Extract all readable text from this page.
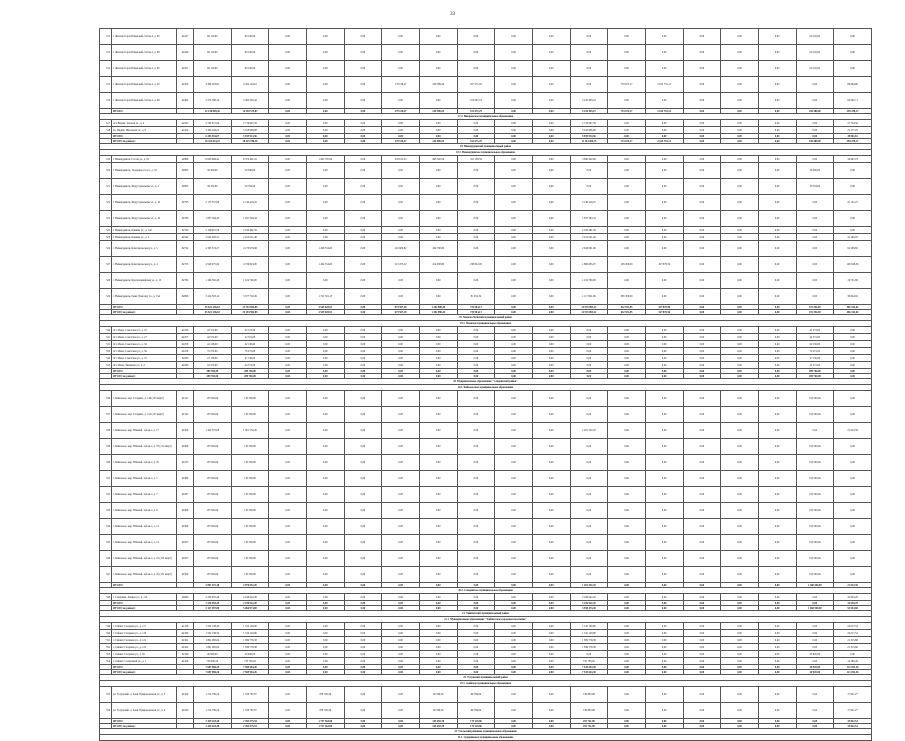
33
512	г. Железногорск-Илимский, 3-й кв-л, д. 80	42447	60 120,00	60 120,00	0,00	0,00	0,00	0,00	0,00	0,00	0,00	0,00	0,00	0,00	0,00	0,00	0,00	0,00	60 120,00	0,00
513	г. Железногорск-Илимский, 3-й кв-л, д. 88	42449	60 120,00	60 120,00	0,00	0,00	0,00	0,00	0,00	0,00	0,00	0,00	0,00	0,00	0,00	0,00	0,00	0,00	60 120,00	0,00
514	г. Железногорск-Илимский, 3-й кв-л, д. 90	42451	60 120,00	60 120,00	0,00	0,00	0,00	0,00	0,00	0,00	0,00	0,00	0,00	0,00	0,00	0,00	0,00	0,00	60 120,00	0,00
515	г. Железногорск-Илимский, 3-й кв-л, д. 10	42456	4 394 018,81	4 324 124,61	0,00	0,00	0,00	178 156,47	230 589,29	257 571,05	0,00	0,00	0,00	733 675,17	2 615 752,12	0,00	0,00	0,00	0,00	69 894,90
516	г. Железногорск-Илимский, 3-й кв-л, д. 46	42462	5 574 598,14	5 492 595,44	0,00	0,00	0,00	0,00	0,00	274 097,24	0,00	0,00	5 218 493,19	0,00	0,00	0,00	0,00	0,00	0,00	82 002,71
	ИТОГО:		12 138 809,36	12 250 575,87	0,00	0,00	0,00	179 156,47	230 589,29	531 671,29	0,00	0,00	5 218 493,19	733 675,17	2 615 752,12	0,00	0,00	0,00	240 480,00	399 238,17
17.2. Вихоревское муниципальное образование																				
517	пгт. Видим, Зеленая ул., д. 4	42425	2 744 671,84	2 716 947,58	0,00	0,00	0,00	0,00	0,00	0,00	0,00	0,00	2 716 947,58	0,00	0,00	0,00	0,00	0,00	0,00	27 724,56
518	рп. Видим, Школьная ул., д. 9	42424	3 459 244,23	3 418 966,98	0,00	0,00	0,00	0,00	0,00	0,00	0,00	0,00	3 418 966,98	0,00	0,00	0,00	0,00	0,00	0,00	21 277,25
	ИТОГО:		6 203 916,07	5 935 914,56	0,00	0,00	0,00	0,00	0,00	0,00	0,00	0,00	5 935 914,56	0,00	0,00	0,00	0,00	0,00	0,00	49 001,81
	ИТОГО по району:		18 441 824,25	18 225 786,39	0,00	0,00	0,00	179 156,47	230 589,29	531 671,29	0,00	0,00	11 154 406,75	733 675,17	2 615 752,12	0,00	0,00	0,00	240 480,00	399 238,17
18. Нижнеудинский муниципальный район																				
18.1. Нижнеудинское муниципальное образование																				
519	г. Нижнеудинск, Гоголя ул., д. 81	42806	6 623 969,42	6 374 461,22	0,00	1 403 787,00	0,00	343 615,23	493 502,56	313 138,59	0,00	0,00	3 840 622,98	0,00	0,00	0,00	0,00	0,00	0,00	34 967,23
520	г. Нижнеудинск, Заозерная 2-я ул., д. 32	42805	39 590,00	39 590,00	0,00	0,00	0,00	0,00	0,00	0,00	0,00	0,00	0,00	0,00	0,00	0,00	0,00	0,00	39 590,00	0,00
521	г. Нижнеудинск, Индустриальная ул., д. 2	42805	39 704,00	39 704,00	0,00	0,00	0,00	0,00	0,00	0,00	0,00	0,00	0,00	0,00	0,00	0,00	0,00	0,00	39 704,00	0,00
522	г. Нижнеудинск, Индустриальная ул., д. 10	42793	2 175 557,80	2 149 416,25	0,00	0,00	0,00	0,00	0,00	0,00	0,00	0,00	2 149 416,25	0,00	0,00	0,00	0,00	0,00	0,00	21 131,25
523	г. Нижнеудинск, Индустриальная ул., д. 32	42786	1 837 594,34	1 837 594,34	0,00	0,00	0,00	0,00	0,00	0,00	0,00	0,00	1 837 594,34	0,00	0,00	0,00	0,00	0,00	0,00	0,00
524	г. Нижнеудинск, Кашика ул., д. 142	42792	2 109 461,59	2 109 461,59	0,00	0,00	0,00	0,00	0,00	0,00	0,00	0,00	2 109 461,59	0,00	0,00	0,00	0,00	0,00	0,00	0,00
525	г. Нижнеудинск, Кашика ул., д. 2	42542	2 044 020,51	2 013 021,46	0,00	0,00	0,00	0,00	0,00	0,00	0,00	0,00	2 013 021,46	0,00	0,00	0,00	0,00	0,00	0,00	31 299,05
526	г. Нижнеудинск, Комсомольская ул., д. 5	42754	4 363 574,27	4 170 976,68	0,00	1 406 554,00	0,00	216 600,82	454 760,80	0,00	0,00	0,00	2 043 061,06	0,00	0,00	0,00	0,00	0,00	0,00	92 598,60
527	г. Нижнеудинск, Комсомольская ул., д. 4	42755	4 929 975,84	4 729 823,00	0,00	1 404 554,00	0,00	213 475,22	414 938,80	238 822,00	0,00	0,00	1 869 635,07	165 000,00	167 878,56	0,00	0,00	0,00	0,00	190 926,56
528	г. Нижнеудинск, Красноармейская ул., д. 15	42784	1 164 592,48	1 104 790,00	0,00	0,00	0,00	0,00	0,00	0,00	0,00	0,00	1 104 790,00	0,00	0,00	0,00	0,00	0,00	0,00	19 731,86
529	г. Нижнеудинск, Рыва (Тангера) ул., д. 15А	42806	3 414 593,14	3 377 720,26	0,00	1 741 591,13	0,00	0,00	0,00	81 052,34	0,00	0,00	1 117 691,69	365 300,00	0,00	0,00	0,00	0,00	0,00	36 642,94
	ИТОГО:		25 621 246,63	25 194 904,85	0,00	4 549 820,91	0,00	673 567,28	1 362 898,40	719 904,13	0,00	0,00	14 935 895,22	632 931,85	167 878,56	0,00	0,00	0,00	119 294,00	466 344,02
	ИТОГО по району:		25 621 246,63	25 194 904,85	0,00	4 549 820,91	0,00	673 567,28	1 362 898,40	719 904,13	0,00	0,00	14 935 895,22	632 931,85	167 878,56	0,00	0,00	0,00	119 294,00	466 344,02
19. Мамско-Чуйский муниципальный район																				
19.1. Мамское муниципальное образование																				
530	пгт. Мама, Советская ул., д. 25	42256	42 572,00	42 572,00	0,00	0,00	0,00	0,00	0,00	0,00	0,00	0,00	0,00	0,00	0,00	0,00	0,00	0,00	42 572,00	0,00
531	пгт. Мама, Советская ул., д. 27	42257	42 572,00	42 572,00	0,00	0,00	0,00	0,00	0,00	0,00	0,00	0,00	0,00	0,00	0,00	0,00	0,00	0,00	42 572,00	0,00
532	пгт. Мама, Советская ул., д. 34	42258	42 136,00	42 136,00	0,00	0,00	0,00	0,00	0,00	0,00	0,00	0,00	0,00	0,00	0,00	0,00	0,00	0,00	42 136,00	0,00
533	пгт. Мама, Советская ул., д. 36	42259	70 272,00	70 272,00	0,00	0,00	0,00	0,00	0,00	0,00	0,00	0,00	0,00	0,00	0,00	0,00	0,00	0,00	70 272,00	0,00
534	пгт. Мама, Советская ул., д. 37	42260	47 136,00	47 136,00	0,00	0,00	0,00	0,00	0,00	0,00	0,00	0,00	0,00	0,00	0,00	0,00	0,00	0,00	47 136,00	0,00
535	пгт. Мама, Тимакова ул., д. 4	42280	42 572,00	42 572,00	0,00	0,00	0,00	0,00	0,00	0,00	0,00	0,00	0,00	0,00	0,00	0,00	0,00	0,00	42 572,00	0,00
	ИТОГО:		289 760,00	289 760,00	0,00	0,00	0,00	0,00	0,00	0,00	0,00	0,00	0,00	0,00	0,00	0,00	0,00	0,00	289 760,00	0,00
	ИТОГО по району:		289 760,00	289 760,00	0,00	0,00	0,00	0,00	0,00	0,00	0,00	0,00	0,00	0,00	0,00	0,00	0,00	0,00	289 760,00	0,00
20. Муниципальное образование "Слюдянский район"																				
20.1. Байкальское муниципальное образование																				
536	г. Байкальск, мкр. Гагарина, д. 148 (135 кварт)	42141	133 500,00	133 500,00	0,00	0,00	0,00	0,00	0,00	0,00	0,00	0,00	0,00	0,00	0,00	0,00	0,00	0,00	133 500,00	0,00
537	г. Байкальск, мкр. Гагарина, д. 150 (137 кварт)	42142	133 500,00	133 500,00	0,00	0,00	0,00	0,00	0,00	0,00	0,00	0,00	0,00	0,00	0,00	0,00	0,00	0,00	133 500,00	0,00
538	г. Байкальск, мкр. Южный, 1-й кв-л, д. 17	42458	1 422 572,08	1 401 552,20	0,00	0,00	0,00	0,00	0,00	0,00	0,00	0,00	1 401 552,20	0,00	0,00	0,00	0,00	0,00	0,00	21 022,38
539	г. Байкальск, мкр. Южный, 2-й кв-л, д. 33 (111 кварт)	42468	133 500,00	133 500,00	0,00	0,00	0,00	0,00	0,00	0,00	0,00	0,00	0,00	0,00	0,00	0,00	0,00	0,00	133 500,00	0,00
540	г. Байкальск, мкр. Южный, 2-й кв-л, д. 35	42475	133 500,00	133 500,00	0,00	0,00	0,00	0,00	0,00	0,00	0,00	0,00	0,00	0,00	0,00	0,00	0,00	0,00	133 500,00	0,00
541	г. Байкальск, мкр. Южный, 3-й кв-л, д. 5	42486	133 500,00	133 500,00	0,00	0,00	0,00	0,00	0,00	0,00	0,00	0,00	0,00	0,00	0,00	0,00	0,00	0,00	133 500,00	0,00
542	г. Байкальск, мкр. Южный, 3-й кв-л, д. 7	42487	135 500,00	135 500,00	0,00	0,00	0,00	0,00	0,00	0,00	0,00	0,00	0,00	0,00	0,00	0,00	0,00	0,00	135 500,00	0,00
543	г. Байкальск, мкр. Южный, 3-й кв-л, д. 8	42488	135 500,00	135 500,00	0,00	0,00	0,00	0,00	0,00	0,00	0,00	0,00	0,00	0,00	0,00	0,00	0,00	0,00	135 500,00	0,00
544	г. Байкальск, мкр. Южный, 4-й кв-л, д. 13	42496	133 500,00	133 500,00	0,00	0,00	0,00	0,00	0,00	0,00	0,00	0,00	0,00	0,00	0,00	0,00	0,00	0,00	133 500,00	0,00
545	г. Байкальск, мкр. Южный, 4-й кв-л, д. 14	42505	133 500,00	133 500,00	0,00	0,00	0,00	0,00	0,00	0,00	0,00	0,00	0,00	0,00	0,00	0,00	0,00	0,00	133 500,00	0,00
546	г. Байкальск, мкр. Южный, 4-й кв-л, д. 22 (135 кварт)	42505	133 500,00	133 500,00	0,00	0,00	0,00	0,00	0,00	0,00	0,00	0,00	0,00	0,00	0,00	0,00	0,00	0,00	133 500,00	0,00
547	г. Байкальск, мкр. Южный, 4-й кв-л, д. 25 (131 кварт)	42506	133 500,00	133 500,00	0,00	0,00	0,00	0,00	0,00	0,00	0,00	0,00	0,00	0,00	0,00	0,00	0,00	0,00	133 500,00	0,00
	ИТОГО:		2 891 072,48	2 870 052,20	0,00	0,00	0,00	0,00	0,00	0,00	0,00	0,00	1 401 552,20	0,00	0,00	0,00	0,00	0,00	1 468 500,00	21 022,38
20.2. Слюдянское муниципальное образование																				
548	г. Слюдянка, Ленина ул., д. 113	42660	2 230 955,49	2 196 922,20	0,00	0,00	0,00	0,00	0,00	0,00	0,00	0,00	2 196 922,20	0,00	0,00	0,00	0,00	0,00	0,00	32 930,29
	ИТОГО:		2 230 955,49	2 196 922,20	0,00	0,00	0,00	0,00	0,00	0,00	0,00	0,00	2 196 922,20	0,00	0,00	0,00	0,00	0,00	0,00	32 930,29
	ИТОГО по району:		5 127 997,89	5 066 974,00	0,00	0,00	0,00	0,00	0,00	0,00	0,00	0,00	3 598 474,40	0,00	0,00	0,00	0,00	0,00	1 468 500,00	53 952,68
21. Тайшетский муниципальный район																				
21.1. Муниципальное образование "Тайшетское городское поселение"																				
549	г. Тайшет, Гагарина ул., д. 117	42158	1 532 138,34	1 510 120,80	0,00	0,00	0,00	0,00	0,00	0,00	0,00	0,00	1 510 120,80	0,00	0,00	0,00	0,00	0,00	0,00	22 017,54
550	г. Тайшет, Гагарина ул., д. 119	42160	1 532 138,34	1 510 120,80	0,00	0,00	0,00	0,00	0,00	0,00	0,00	0,00	1 510 120,80	0,00	0,00	0,00	0,00	0,00	0,00	22 017,54
551	г. Тайшет, Гагарина ул., д. 121	42161	1 861 095,04	1 839 779,38	0,00	0,00	0,00	0,00	0,00	0,00	0,00	0,00	1 839 779,38	0,00	0,00	0,00	0,00	0,00	0,00	21 315,66
552	г. Тайшет, Гагарина ул., д. 125	42162	1 861 095,04	1 839 779,38	0,00	0,00	0,00	0,00	0,00	0,00	0,00	0,00	1 839 779,38	0,00	0,00	0,00	0,00	0,00	0,00	21 315,66
553	г. Тайшет, Гагарина ул., д. 82	42166	40 920,00	40 920,00	0,00	0,00	0,00	0,00	0,00	0,00	0,00	0,00	0,00	0,00	0,00	0,00	0,00	0,00	40 920,00	0,00
554	г. Тайшет, Солнечный ул., д. 1	42108	750 045,50	735 765,02	0,00	0,00	0,00	0,00	0,00	0,00	0,00	0,00	735 765,02	0,00	0,00	0,00	0,00	0,00	0,00	14 280,48
	ИТОГО:		7 687 086,20	7 585 964,26	0,00	0,00	0,00	0,00	0,00	0,00	0,00	0,00	7 545 644,38	0,00	0,00	0,00	0,00	0,00	40 920,00	121 022,36
	ИТОГО по району:		7 687 086,20	7 585 964,26	0,00	0,00	0,00	0,00	0,00	0,00	0,00	0,00	7 545 644,38	0,00	0,00	0,00	0,00	0,00	40 920,00	121 022,36
22. Тулунский муниципальный район																				
22.1. Азейское муниципальное образование																				
555	рп. Тулунский, д. Азей, Привокзальная ул., д. 3	42429	1 214 709,24	1 196 787,97	0,00	878 782,49	0,00	0,00	82 546,39	89 559,90	0,00	0,00	146 865,98	0,00	0,00	0,00	0,00	0,00	0,00	17 921,27
556	рп. Тулунский, д. Азей, Привокзальная ул., д. 4	42430	1 214 709,24	1 196 787,97	0,00	878 782,49	0,00	0,00	82 546,39	89 559,90	0,00	0,00	146 865,98	0,00	0,00	0,00	0,00	0,00	0,00	17 921,27
	ИТОГО:		2 429 418,48	2 393 575,94	0,00	1 757 564,98	0,00	0,00	165 092,78	179 119,80	0,00	0,00	293 731,96	0,00	0,00	0,00	0,00	0,00	0,00	35 842,54
	ИТОГО по району:		2 429 418,48	2 393 575,94	0,00	1 757 564,98	0,00	0,00	165 092,78	179 119,80	0,00	0,00	293 731,96	0,00	0,00	0,00	0,00	0,00	0,00	35 842,54
23. Усольский районное муниципальное образование																				
23.1. Среднинское муниципальное образование																				
